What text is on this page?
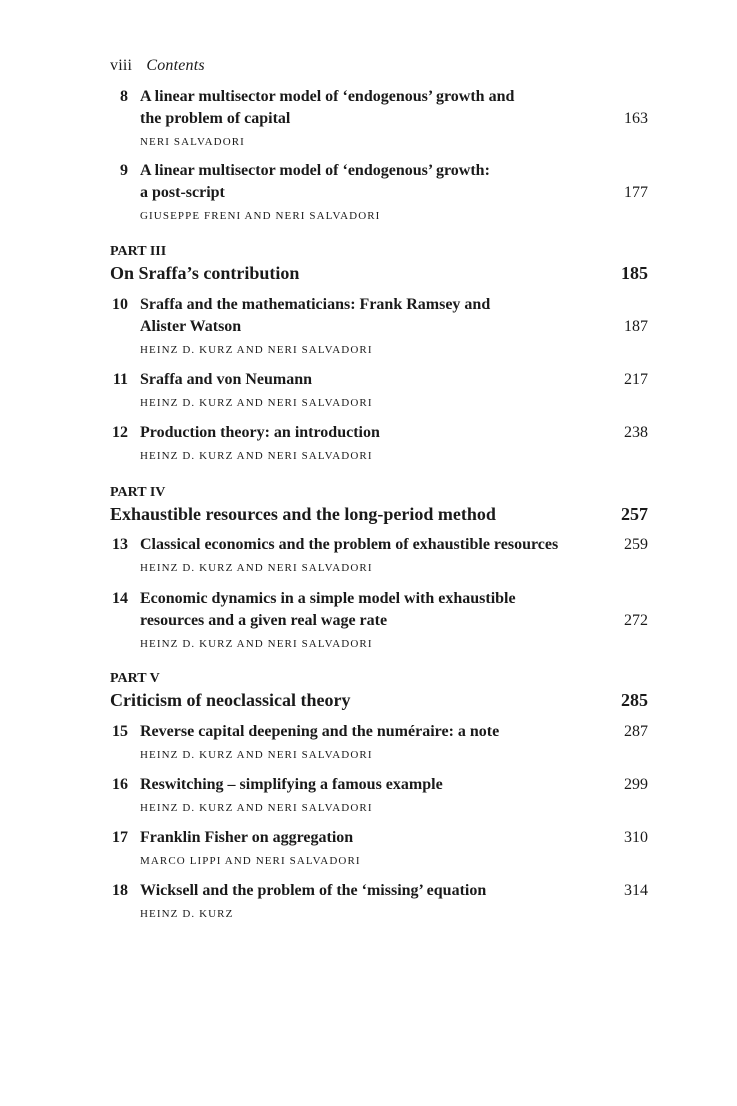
viii Contents
8 A linear multisector model of ‘endogenous’ growth and
the problem of capital	163
NERI SALVADORI
9 A linear multisector model of ‘endogenous’ growth:
a post-script	177
GIUSEPPE FRENI AND NERI SALVADORI
PART III
On Sraffa’s contribution	185
10 Sraffa and the mathematicians: Frank Ramsey and
Alister Watson	187
HEINZ D. KURZ AND NERI SALVADORI
11 Sraffa and von Neumann	217
HEINZ D. KURZ AND NERI SALVADORI
12 Production theory: an introduction	238
HEINZ D. KURZ AND NERI SALVADORI
PART IV
Exhaustible resources and the long-period method	257
13 Classical economics and the problem of exhaustible resources	259
HEINZ D. KURZ AND NERI SALVADORI
14 Economic dynamics in a simple model with exhaustible
resources and a given real wage rate	272
HEINZ D. KURZ AND NERI SALVADORI
PART V
Criticism of neoclassical theory	285
15 Reverse capital deepening and the numéraire: a note	287
HEINZ D. KURZ AND NERI SALVADORI
16 Reswitching – simplifying a famous example	299
HEINZ D. KURZ AND NERI SALVADORI
17 Franklin Fisher on aggregation	310
MARCO LIPPI AND NERI SALVADORI
18 Wicksell and the problem of the ‘missing’ equation	314
HEINZ D. KURZ
